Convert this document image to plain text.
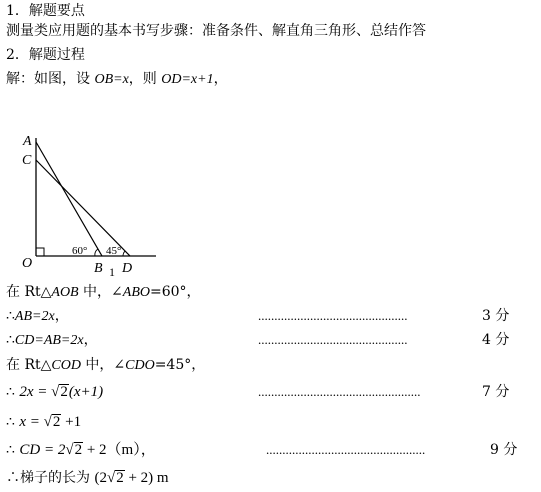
1．解题要点
测量类应用题的基本书写步骤：准备条件、解直角三角形、总结作答
2．解题过程
解：如图，设 OB=x，则 OD=x+1，
A
C
O	B D
1
60° 45°
在 Rt△AOB 中，∠ABO=60°，
∴AB=2x，	..............................................	3 分
∴CD=AB=2x，	..............................................	4 分
在 Rt△COD 中，∠CDO=45°，
∴ 2x = √2(x+1)	..................................................	7 分
∴ x = √2 +1
∴ CD = 2√2 + 2（m），	.................................................	9 分
∴梯子的长为 (2√2 + 2) m
